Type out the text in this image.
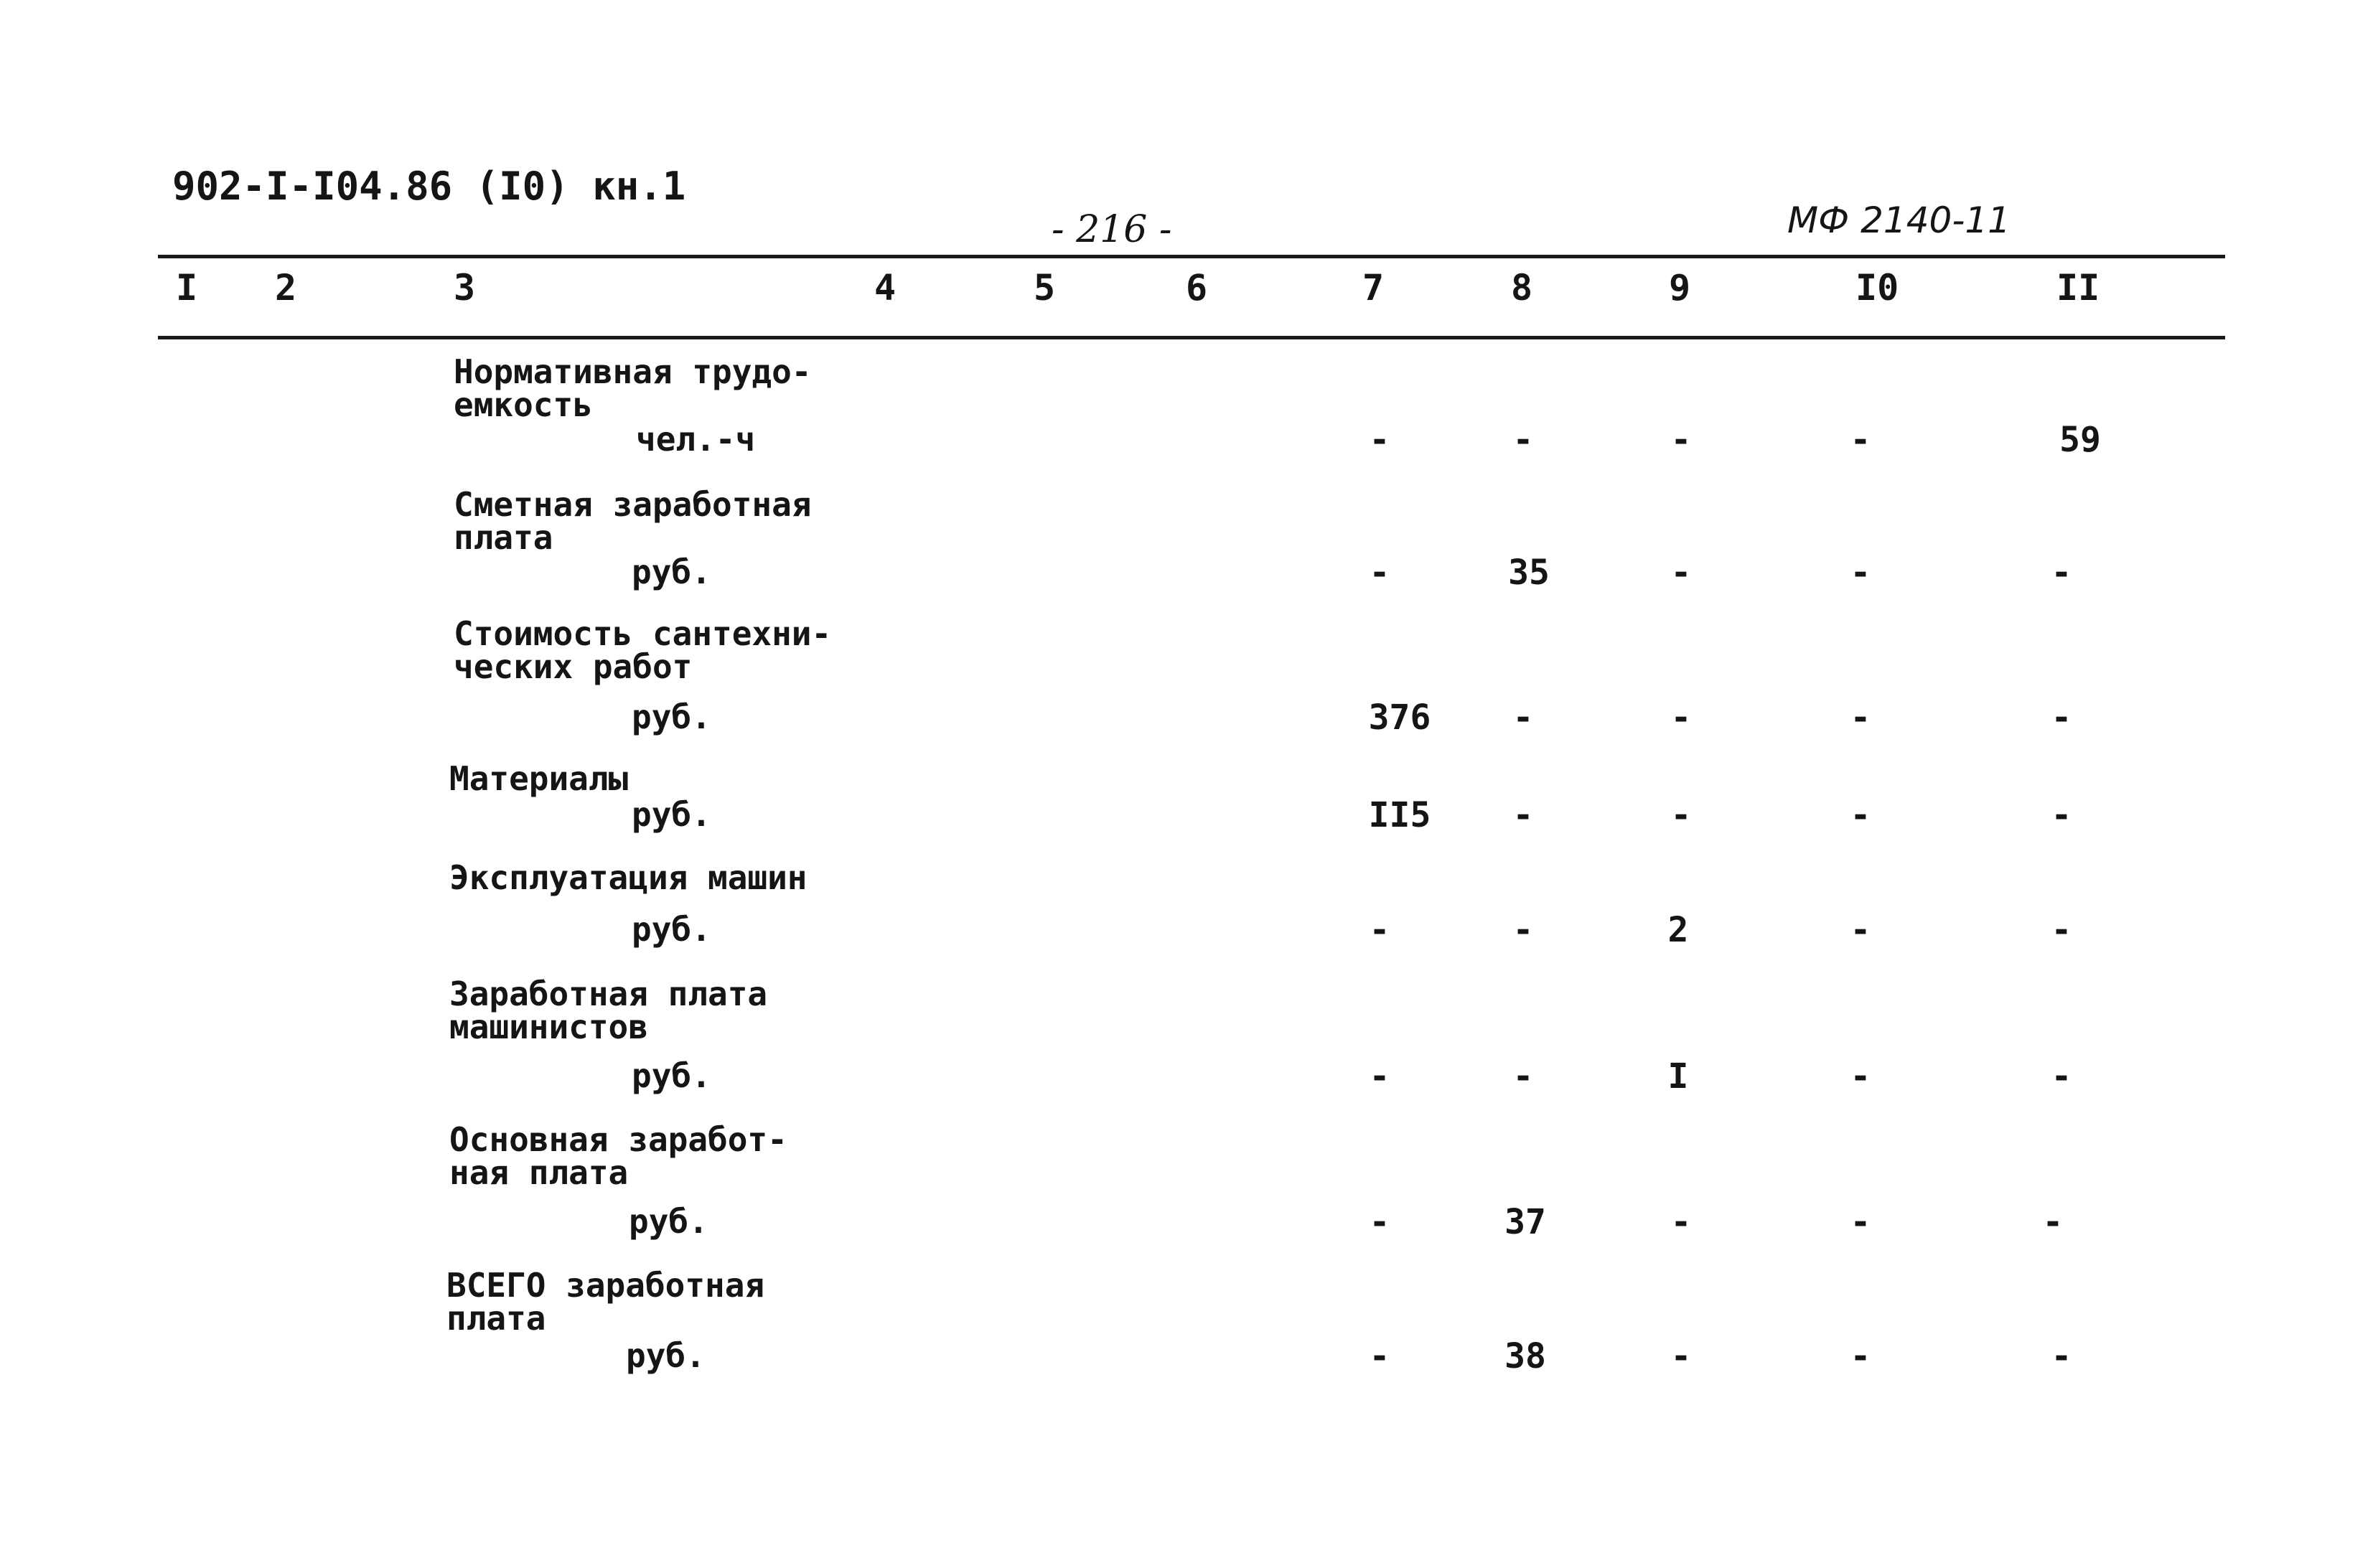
902-I-I04.86 (I0) кн.1
- 216 -	МФ 2140-11
I 2	3	4	5	6	7	8	9	I0	II
Нормативная трудо-
емкость
чел.-ч	-	-	-	-	59
Сметная заработная
плата
руб.	-	35	-	-	-
Стоимость сантехни-
ческих работ
руб.	376	-	-	-	-
Материалы
руб.	II5	-	-	-	-
Эксплуатация машин
руб.	-	-	2	-	-
Заработная плата
машинистов
руб.	-	-	I	-	-
Основная заработ-
ная плата
руб.	-	37	-	-	-
ВСЕГО заработная
плата
руб.	-	38	-	-	-
